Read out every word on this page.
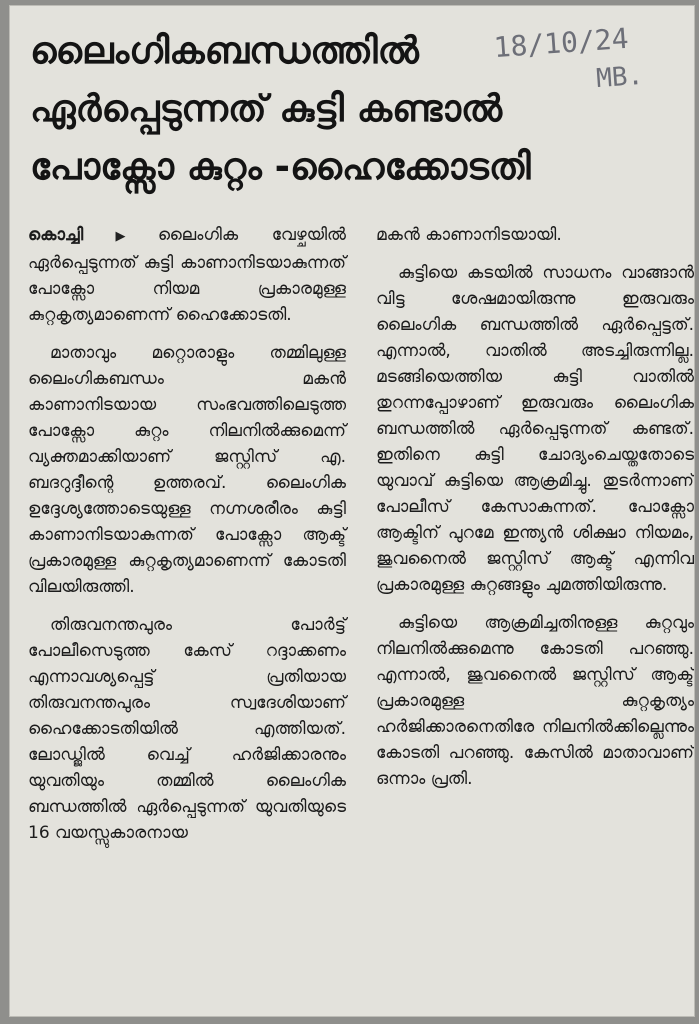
ലൈംഗികബന്ധത്തിൽ
ഏർപ്പെടുന്നത് കുട്ടി കണ്ടാൽ
പോക്സോ കുറ്റം -ഹൈക്കോടതി
18/10/24
MB.

കൊച്ചി ▶ ലൈംഗിക വേഴ്ചയിൽ ഏർപ്പെടുന്നത് കുട്ടി കാണാനിടയാകുന്നത് പോക്സോ നിയമ പ്രകാരമുള്ള കുറ്റകൃത്യമാണെന്ന് ഹൈക്കോടതി.

മാതാവും മറ്റൊരാളും തമ്മിലുള്ള ലൈംഗികബന്ധം മകൻ കാണാനിടയായ സംഭവത്തിലെടുത്ത പോക്സോ കുറ്റം നിലനിൽക്കുമെന്ന് വ്യക്തമാക്കിയാണ് ജസ്റ്റിസ് എ. ബദറുദ്ദീന്റെ ഉത്തരവ്. ലൈംഗിക ഉദ്ദേശ്യത്തോടെയുള്ള നഗ്നശരീരം കുട്ടി കാണാനിടയാകുന്നത് പോക്സോ ആക്ട് പ്രകാരമുള്ള കുറ്റകൃത്യമാണെന്ന് കോടതി വിലയിരുത്തി.

തിരുവനന്തപുരം പോർട്ട് പോലീസെടുത്ത കേസ് റദ്ദാക്കണം എന്നാവശ്യപ്പെട്ട് പ്രതിയായ തിരുവനന്തപുരം സ്വദേശിയാണ് ഹൈക്കോടതിയിൽ എത്തിയത്. ലോഡ്ജിൽ വെച്ച് ഹർജിക്കാരനും യുവതിയും തമ്മിൽ ലൈംഗിക ബന്ധത്തിൽ ഏർപ്പെടുന്നത് യുവതിയുടെ 16 വയസ്സുകാരനായ

മകൻ കാണാനിടയായി.

കുട്ടിയെ കടയിൽ സാധനം വാങ്ങാൻ വിട്ട ശേഷമായിരുന്നു ഇരുവരും ലൈംഗിക ബന്ധത്തിൽ ഏർപ്പെട്ടത്. എന്നാൽ, വാതിൽ അടച്ചിരുന്നില്ല. മടങ്ങിയെത്തിയ കുട്ടി വാതിൽ തുറന്നപ്പോഴാണ് ഇരുവരും ലൈംഗിക ബന്ധത്തിൽ ഏർപ്പെടുന്നത് കണ്ടത്. ഇതിനെ കുട്ടി ചോദ്യംചെയ്തതോടെ യുവാവ് കുട്ടിയെ ആക്രമിച്ചു. തുടർന്നാണ് പോലീസ് കേസാകുന്നത്. പോക്സോ ആക്ടിന് പുറമേ ഇന്ത്യൻ ശിക്ഷാ നിയമം, ജുവനൈൽ ജസ്റ്റിസ് ആക്ട് എന്നിവ പ്രകാരമുള്ള കുറ്റങ്ങളും ചുമത്തിയിരുന്നു.

കുട്ടിയെ ആക്രമിച്ചതിനുള്ള കുറ്റവും നിലനിൽക്കുമെന്നു കോടതി പറഞ്ഞു. എന്നാൽ, ജുവനൈൽ ജസ്റ്റിസ് ആക്ട് പ്രകാരമുള്ള കുറ്റകൃത്യം ഹർജിക്കാരനെതിരേ നിലനിൽക്കില്ലെന്നും കോടതി പറഞ്ഞു. കേസിൽ മാതാവാണ് ഒന്നാം പ്രതി.
